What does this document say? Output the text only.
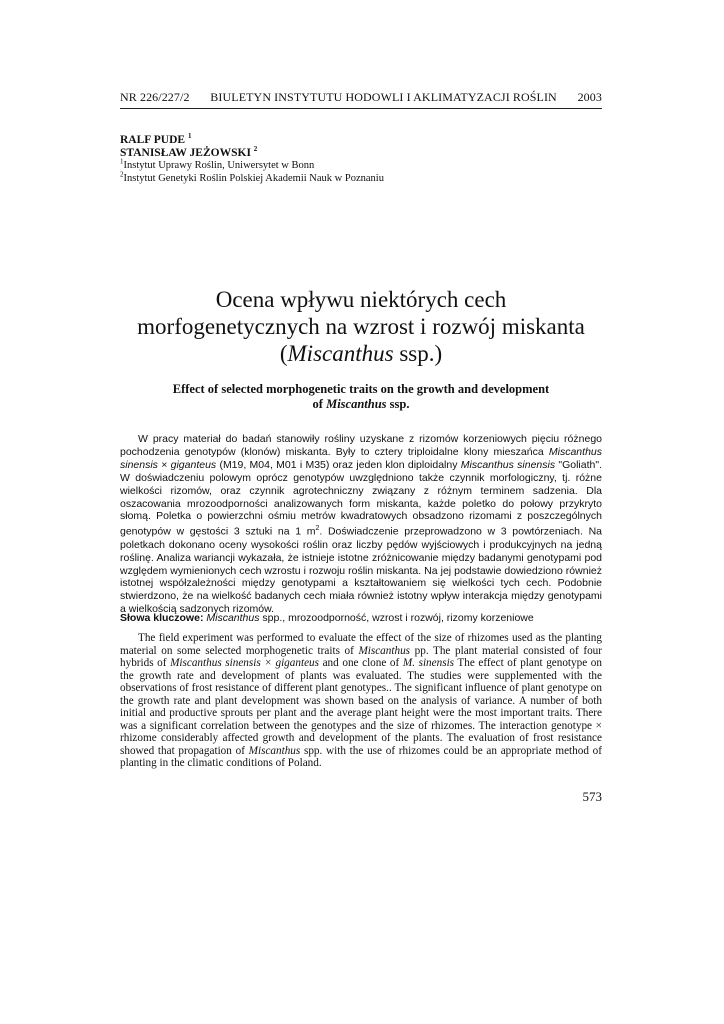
NR 226/227/2 BIULETYN INSTYTUTU HODOWLI I AKLIMATYZACJI ROŚLIN 2003
RALF PUDE $^1$
STANISŁAW JEŻOWSKI $^2$
$^1$Instytut Uprawy Roślin, Uniwersytet w Bonn
$^2$Instytut Genetyki Roślin Polskiej Akademii Nauk w Poznaniu
Ocena wpływu niektórych cech
morfogenetycznych na wzrost i rozwój miskanta
(Miscanthus ssp.)
Effect of selected morphogenetic traits on the growth and development
of Miscanthus ssp.

W pracy materiał do badań stanowiły rośliny uzyskane z rizomów korzeniowych pięciu różnego pochodzenia genotypów (klonów) miskanta. Były to cztery triploidalne klony mieszańca Miscanthus sinensis × giganteus (M19, M04, M01 i M35) oraz jeden klon diploidalny Miscanthus sinensis "Goliath". W doświadczeniu polowym oprócz genotypów uwzględniono także czynnik morfologiczny, tj. różne wielkości rizomów, oraz czynnik agrotechniczny związany z różnym terminem sadzenia. Dla oszacowania mrozoodporności analizowanych form miskanta, każde poletko do połowy przykryto słomą. Poletka o powierzchni ośmiu metrów kwadratowych obsadzono rizomami z poszczególnych genotypów w gęstości 3 sztuki na 1 $m^2$. Doświadczenie przeprowadzono w 3 powtórzeniach. Na poletkach dokonano oceny wysokości roślin oraz liczby pędów wyjściowych i produkcyjnych na jedną roślinę. Analiza wariancji wykazała, że istnieje istotne zróżnicowanie między badanymi genotypami pod względem wymienionych cech wzrostu i rozwoju roślin miskanta. Na jej podstawie dowiedziono również istotnej współzależności między genotypami a kształtowaniem się wielkości tych cech. Podobnie stwierdzono, że na wielkość badanych cech miała również istotny wpływ interakcja między genotypami a wielkością sadzonych rizomów.

Słowa kluczowe: Miscanthus spp., mrozoodporność, wzrost i rozwój, rizomy korzeniowe

The field experiment was performed to evaluate the effect of the size of rhizomes used as the planting material on some selected morphogenetic traits of Miscanthus pp. The plant material consisted of four hybrids of Miscanthus sinensis × giganteus and one clone of M. sinensis The effect of plant genotype on the growth rate and development of plants was evaluated. The studies were supplemented with the observations of frost resistance of different plant genotypes.. The significant influence of plant genotype on the growth rate and plant development was shown based on the analysis of variance. A number of both initial and productive sprouts per plant and the average plant height were the most important traits. There was a significant correlation between the genotypes and the size of rhizomes. The interaction genotype × rhizome considerably affected growth and development of the plants. The evaluation of frost resistance showed that propagation of Miscanthus spp. with the use of rhizomes could be an appropriate method of planting in the climatic conditions of Poland.

573
